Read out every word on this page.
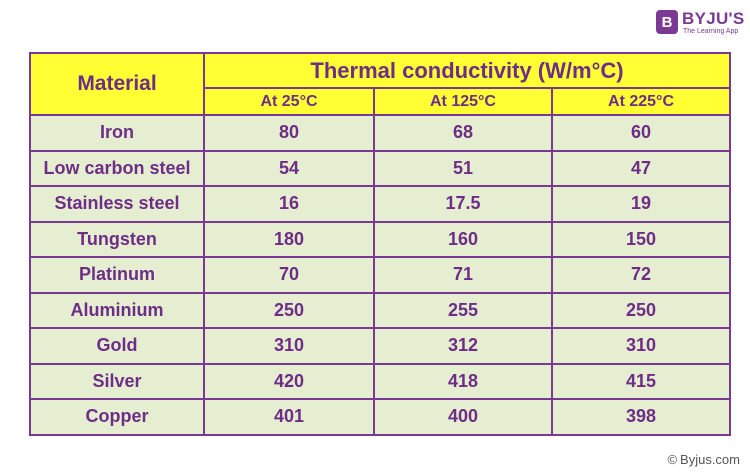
B BYJU'S
The Learning App
Material	Thermal conductivity (W/m°C)		
	At 25°C	At 125°C	At 225°C
Iron	80	68	60
Low carbon steel	54	51	47
Stainless steel	16	17.5	19
Tungsten	180	160	150
Platinum	70	71	72
Aluminium	250	255	250
Gold	310	312	310
Silver	420	418	415
Copper	401	400	398
© Byjus.com
